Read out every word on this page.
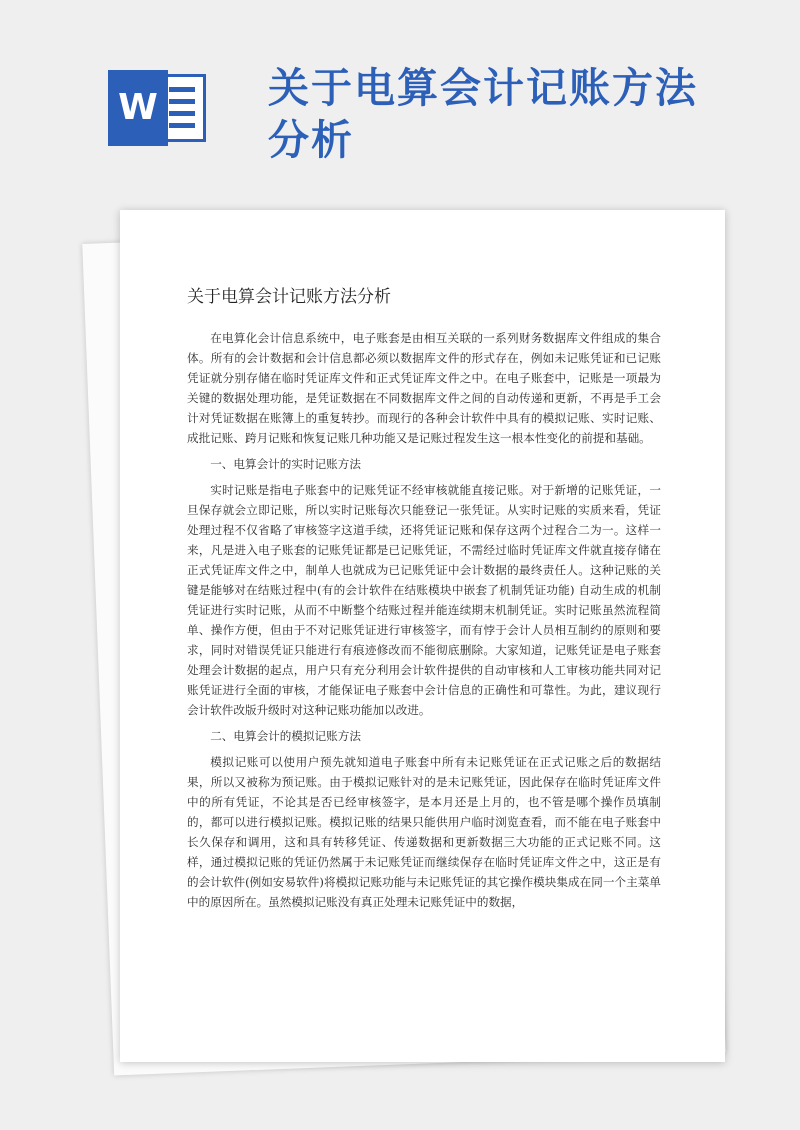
W	关于电算会计记账方法分析
关于电算会计记账方法分析

在电算化会计信息系统中，电子账套是由相互关联的一系列财务数据库文件组成的集合体。所有的会计数据和会计信息都必须以数据库文件的形式存在，例如未记账凭证和已记账凭证就分别存储在临时凭证库文件和正式凭证库文件之中。在电子账套中，记账是一项最为关键的数据处理功能，是凭证数据在不同数据库文件之间的自动传递和更新，不再是手工会计对凭证数据在账簿上的重复转抄。而现行的各种会计软件中具有的模拟记账、实时记账、成批记账、跨月记账和恢复记账几种功能又是记账过程发生这一根本性变化的前提和基础。

一、电算会计的实时记账方法

实时记账是指电子账套中的记账凭证不经审核就能直接记账。对于新增的记账凭证，一旦保存就会立即记账，所以实时记账每次只能登记一张凭证。从实时记账的实质来看，凭证处理过程不仅省略了审核签字这道手续，还将凭证记账和保存这两个过程合二为一。这样一来，凡是进入电子账套的记账凭证都是已记账凭证，不需经过临时凭证库文件就直接存储在正式凭证库文件之中，制单人也就成为已记账凭证中会计数据的最终责任人。这种记账的关键是能够对在结账过程中(有的会计软件在结账模块中嵌套了机制凭证功能) 自动生成的机制凭证进行实时记账，从而不中断整个结账过程并能连续期末机制凭证。实时记账虽然流程简单、操作方便，但由于不对记账凭证进行审核签字，而有悖于会计人员相互制约的原则和要求，同时对错误凭证只能进行有痕迹修改而不能彻底删除。大家知道，记账凭证是电子账套处理会计数据的起点，用户只有充分利用会计软件提供的自动审核和人工审核功能共同对记账凭证进行全面的审核，才能保证电子账套中会计信息的正确性和可靠性。为此，建议现行会计软件改版升级时对这种记账功能加以改进。

二、电算会计的模拟记账方法

模拟记账可以使用户预先就知道电子账套中所有未记账凭证在正式记账之后的数据结果，所以又被称为预记账。由于模拟记账针对的是未记账凭证，因此保存在临时凭证库文件中的所有凭证，不论其是否已经审核签字，是本月还是上月的，也不管是哪个操作员填制的，都可以进行模拟记账。模拟记账的结果只能供用户临时浏览查看，而不能在电子账套中长久保存和调用，这和具有转移凭证、传递数据和更新数据三大功能的正式记账不同。这样，通过模拟记账的凭证仍然属于未记账凭证而继续保存在临时凭证库文件之中，这正是有的会计软件(例如安易软件)将模拟记账功能与未记账凭证的其它操作模块集成在同一个主菜单中的原因所在。虽然模拟记账没有真正处理未记账凭证中的数据，
